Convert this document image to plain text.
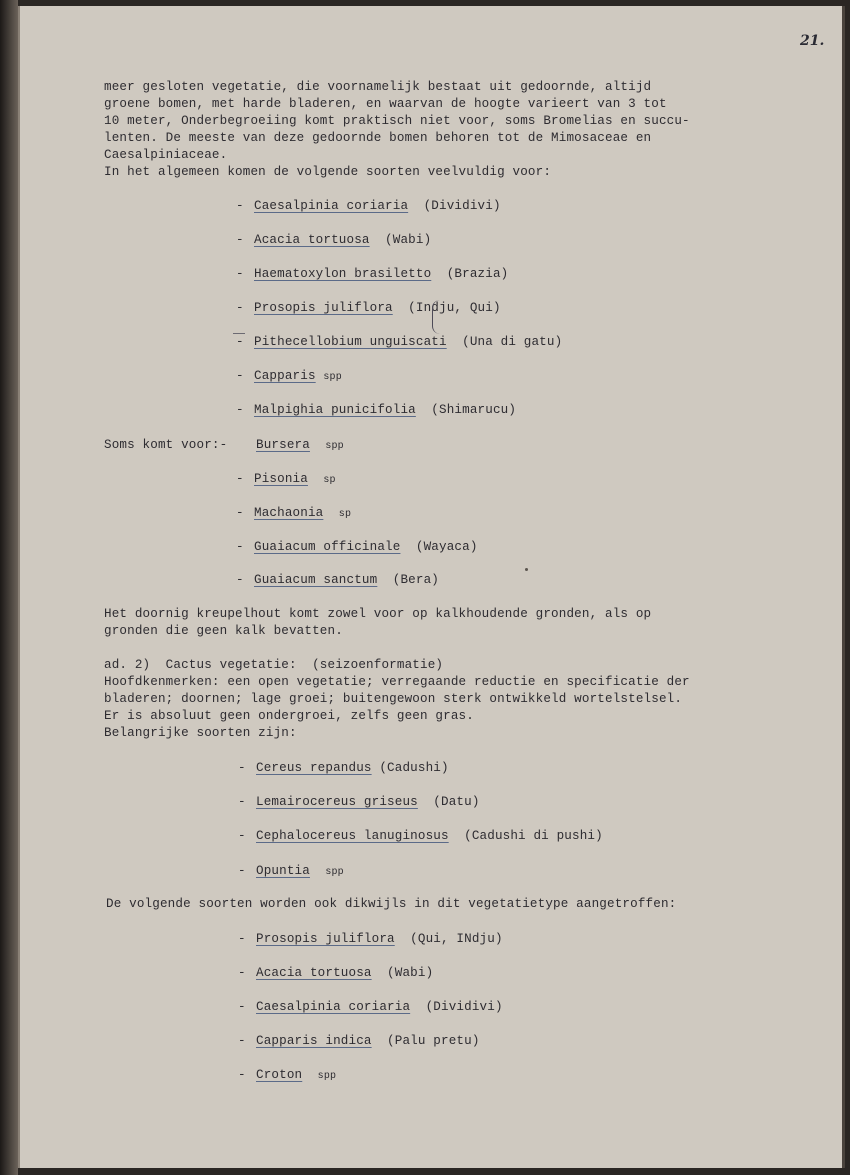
21.
meer gesloten vegetatie, die voornamelijk bestaat uit gedoornde, altijd
groene bomen, met harde bladeren, en waarvan de hoogte varieert van 3 tot
10 meter, Onderbegroeiing komt praktisch niet voor, soms Bromelias en succu-
lenten. De meeste van deze gedoornde bomen behoren tot de Mimosaceae en
Caesalpiniaceae.
In het algemeen komen de volgende soorten veelvuldig voor:
- Caesalpinia coriaria (Dividivi)
- Acacia tortuosa (Wabi)
- Haematoxylon brasiletto (Brazia)
- Prosopis juliflora (Indju, Qui)
- Pithecellobium unguiscati (Una di gatu)
- Capparis spp
- Malpighia punicifolia (Shimarucu)
Soms komt voor:- Bursera spp
- Pisonia sp
- Machaonia sp
- Guaiacum officinale (Wayaca)
- Guaiacum sanctum (Bera)
Het doornig kreupelhout komt zowel voor op kalkhoudende gronden, als op
gronden die geen kalk bevatten.
ad. 2)  Cactus vegetatie:  (seizoenformatie)
Hoofdkenmerken: een open vegetatie; verregaande reductie en specificatie der
bladeren; doornen; lage groei; buitengewoon sterk ontwikkeld wortelstelsel.
Er is absoluut geen ondergroei, zelfs geen gras.
Belangrijke soorten zijn:
- Cereus repandus (Cadushi)
- Lemairocereus griseus (Datu)
- Cephalocereus lanuginosus (Cadushi di pushi)
- Opuntia spp
De volgende soorten worden ook dikwijls in dit vegetatietype aangetroffen:
- Prosopis juliflora (Qui, INdju)
- Acacia tortuosa (Wabi)
- Caesalpinia coriaria (Dividivi)
- Capparis indica (Palu pretu)
- Croton spp
